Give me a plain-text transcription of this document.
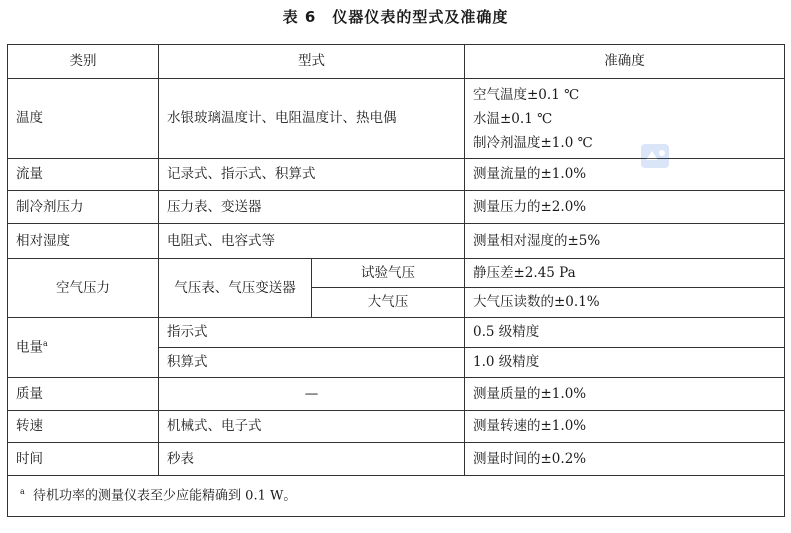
表 6　仪器仪表的型式及准确度
类别	型式		准确度
温度	水银玻璃温度计、电阻温度计、热电偶		空气温度±0.1 ℃
水温±0.1 ℃
制冷剂温度±1.0 ℃

流量	记录式、指示式、积算式		测量流量的±1.0%
制冷剂压力	压力表、变送器		测量压力的±2.0%
相对湿度	电阻式、电容式等		测量相对湿度的±5%
空气压力	气压表、气压变送器	试验气压	静压差±2.45 Pa
		大气压	大气压读数的±0.1%
电量$^a$	指示式		0.5 级精度
	积算式		1.0 级精度
质量	—		测量质量的±1.0%
转速	机械式、电子式		测量转速的±1.0%
时间	秒表		测量时间的±0.2%
$^a$ 待机功率的测量仪表至少应能精确到 0.1 W。			
